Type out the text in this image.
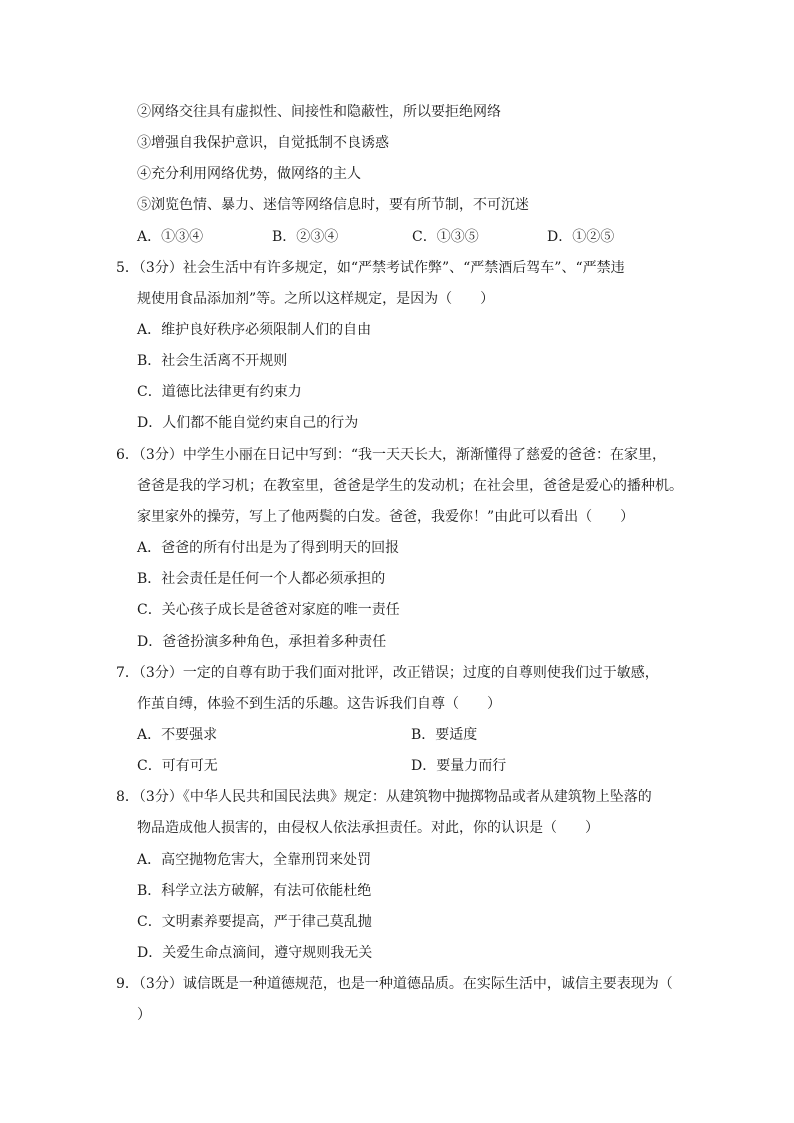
②网络交往具有虚拟性、间接性和隐蔽性，所以要拒绝网络
③增强自我保护意识，自觉抵制不良诱惑
④充分利用网络优势，做网络的主人
⑤浏览色情、暴力、迷信等网络信息时，要有所节制，不可沉迷
A．①③④	B．②③④	C．①③⑤	D．①②⑤
5．（3分）社会生活中有许多规定，如“严禁考试作弊”、“严禁酒后驾车”、“严禁违
规使用食品添加剂”等。之所以这样规定，是因为（　　）
A．维护良好秩序必须限制人们的自由
B．社会生活离不开规则
C．道德比法律更有约束力
D．人们都不能自觉约束自己的行为
6．（3分）中学生小丽在日记中写到：“我一天天长大，渐渐懂得了慈爱的爸爸：在家里，
爸爸是我的学习机；在教室里，爸爸是学生的发动机；在社会里，爸爸是爱心的播种机。
家里家外的操劳，写上了他两鬓的白发。爸爸，我爱你！”由此可以看出（　　）
A．爸爸的所有付出是为了得到明天的回报
B．社会责任是任何一个人都必须承担的
C．关心孩子成长是爸爸对家庭的唯一责任
D．爸爸扮演多种角色，承担着多种责任
7．（3分）一定的自尊有助于我们面对批评，改正错误；过度的自尊则使我们过于敏感，
作茧自缚，体验不到生活的乐趣。这告诉我们自尊（　　）
A．不要强求	B．要适度
C．可有可无	D．要量力而行
8．（3分）《中华人民共和国民法典》规定：从建筑物中抛掷物品或者从建筑物上坠落的
物品造成他人损害的，由侵权人依法承担责任。对此，你的认识是（　　）
A．高空抛物危害大，全靠刑罚来处罚
B．科学立法方破解，有法可依能杜绝
C．文明素养要提高，严于律己莫乱抛
D．关爱生命点滴间，遵守规则我无关
9．（3分）诚信既是一种道德规范，也是一种道德品质。在实际生活中，诚信主要表现为（
）
